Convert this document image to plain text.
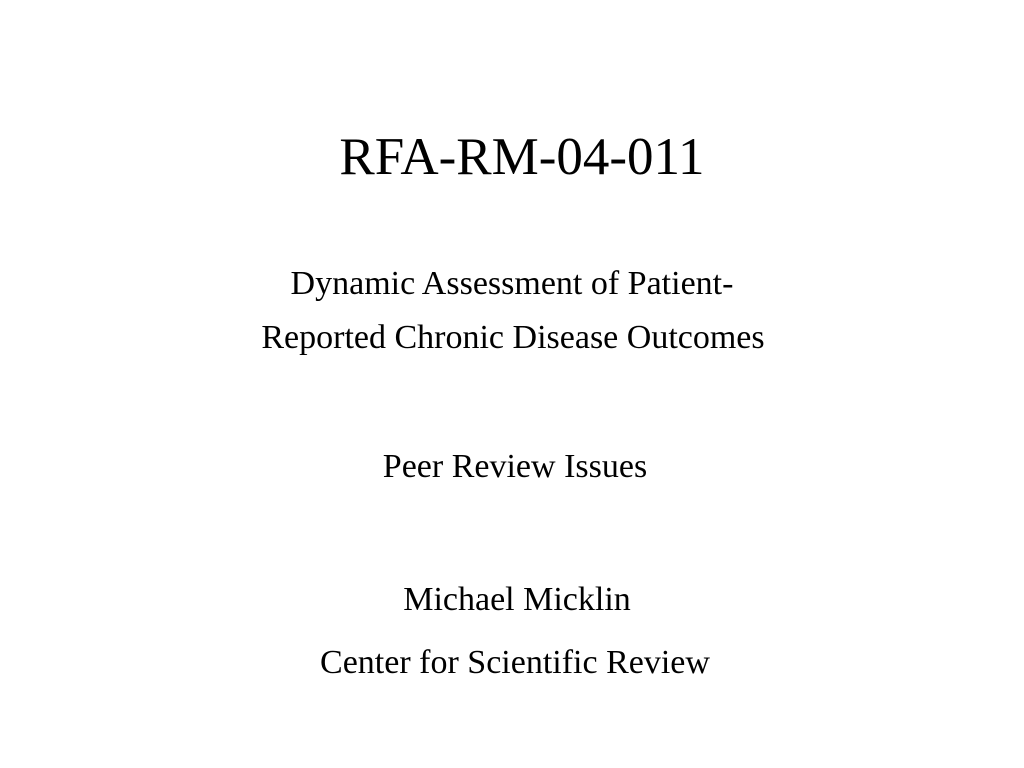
RFA-RM-04-011
Dynamic Assessment of Patient-
Reported Chronic Disease Outcomes
Peer Review Issues
Michael Micklin
Center for Scientific Review
